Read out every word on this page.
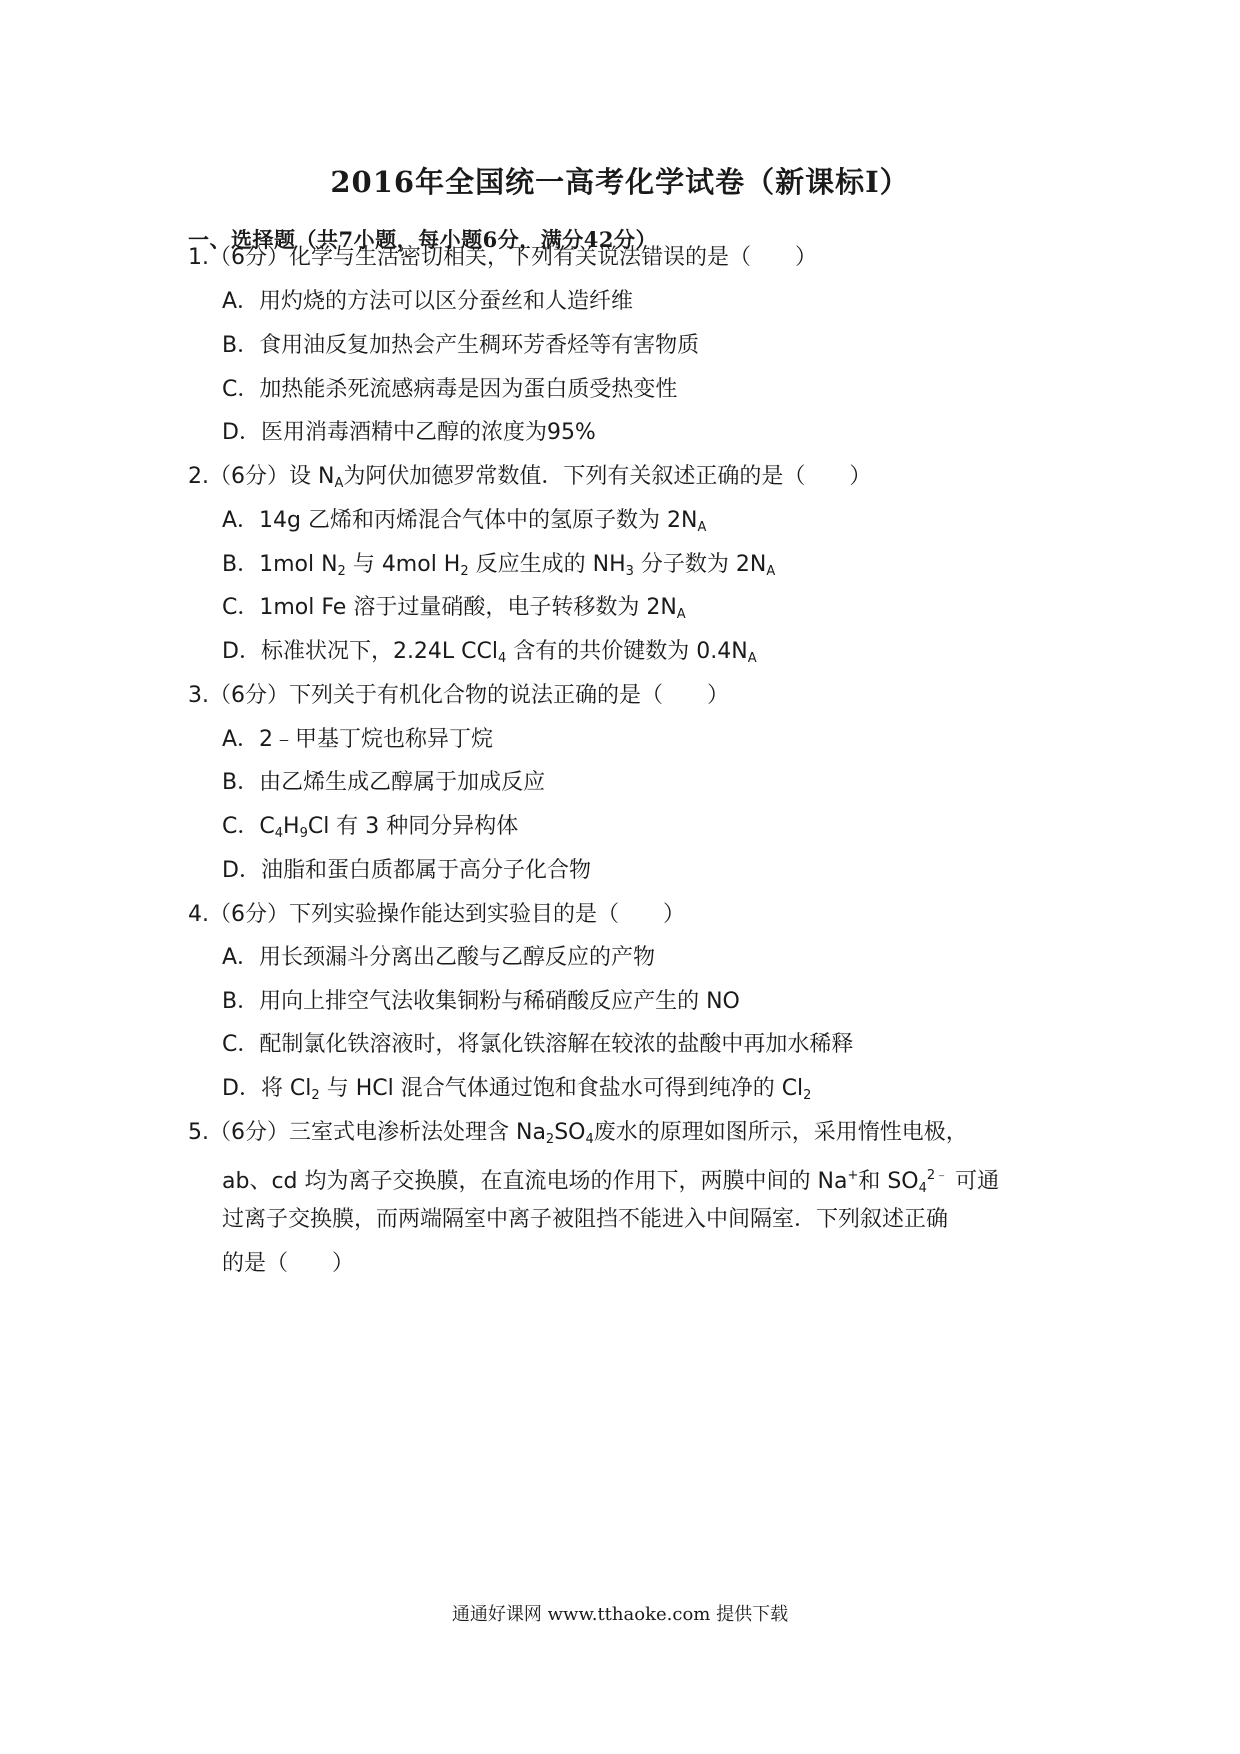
2016年全国统一高考化学试卷（新课标Ⅰ）
一、选择题（共7小题，每小题6分，满分42分）
1.（6分）化学与生活密切相关，下列有关说法错误的是（　　）
A．用灼烧的方法可以区分蚕丝和人造纤维
B．食用油反复加热会产生稠环芳香烃等有害物质
C．加热能杀死流感病毒是因为蛋白质受热变性
D．医用消毒酒精中乙醇的浓度为95%
2.（6分）设 $N_A$为阿伏加德罗常数值．下列有关叙述正确的是（　　）
A．14g 乙烯和丙烯混合气体中的氢原子数为 $2N_A$
B．1mol $N_2$ 与 4mol $H_2$ 反应生成的 $NH_3$ 分子数为 $2N_A$
C．1mol Fe 溶于过量硝酸，电子转移数为 $2N_A$
D．标准状况下，2.24L CCl$_4$ 含有的共价键数为 $0.4N_A$
3.（6分）下列关于有机化合物的说法正确的是（　　）
A．2﹣甲基丁烷也称异丁烷
B．由乙烯生成乙醇属于加成反应
C．$C_4H_9Cl$ 有 3 种同分异构体
D．油脂和蛋白质都属于高分子化合物
4.（6分）下列实验操作能达到实验目的是（　　）
A．用长颈漏斗分离出乙酸与乙醇反应的产物
B．用向上排空气法收集铜粉与稀硝酸反应产生的 NO
C．配制氯化铁溶液时，将氯化铁溶解在较浓的盐酸中再加水稀释
D．将 $Cl_2$ 与 HCl 混合气体通过饱和食盐水可得到纯净的 $Cl_2$
5.（6分）三室式电渗析法处理含 $Na_2SO_4$废水的原理如图所示，采用惰性电极，
ab、cd 均为离子交换膜，在直流电场的作用下，两膜中间的 Na+和 $SO_4^{2﹣}$ 可通
过离子交换膜，而两端隔室中离子被阻挡不能进入中间隔室．下列叙述正确
的是（　　）
通通好课网 www.tthaoke.com 提供下载
